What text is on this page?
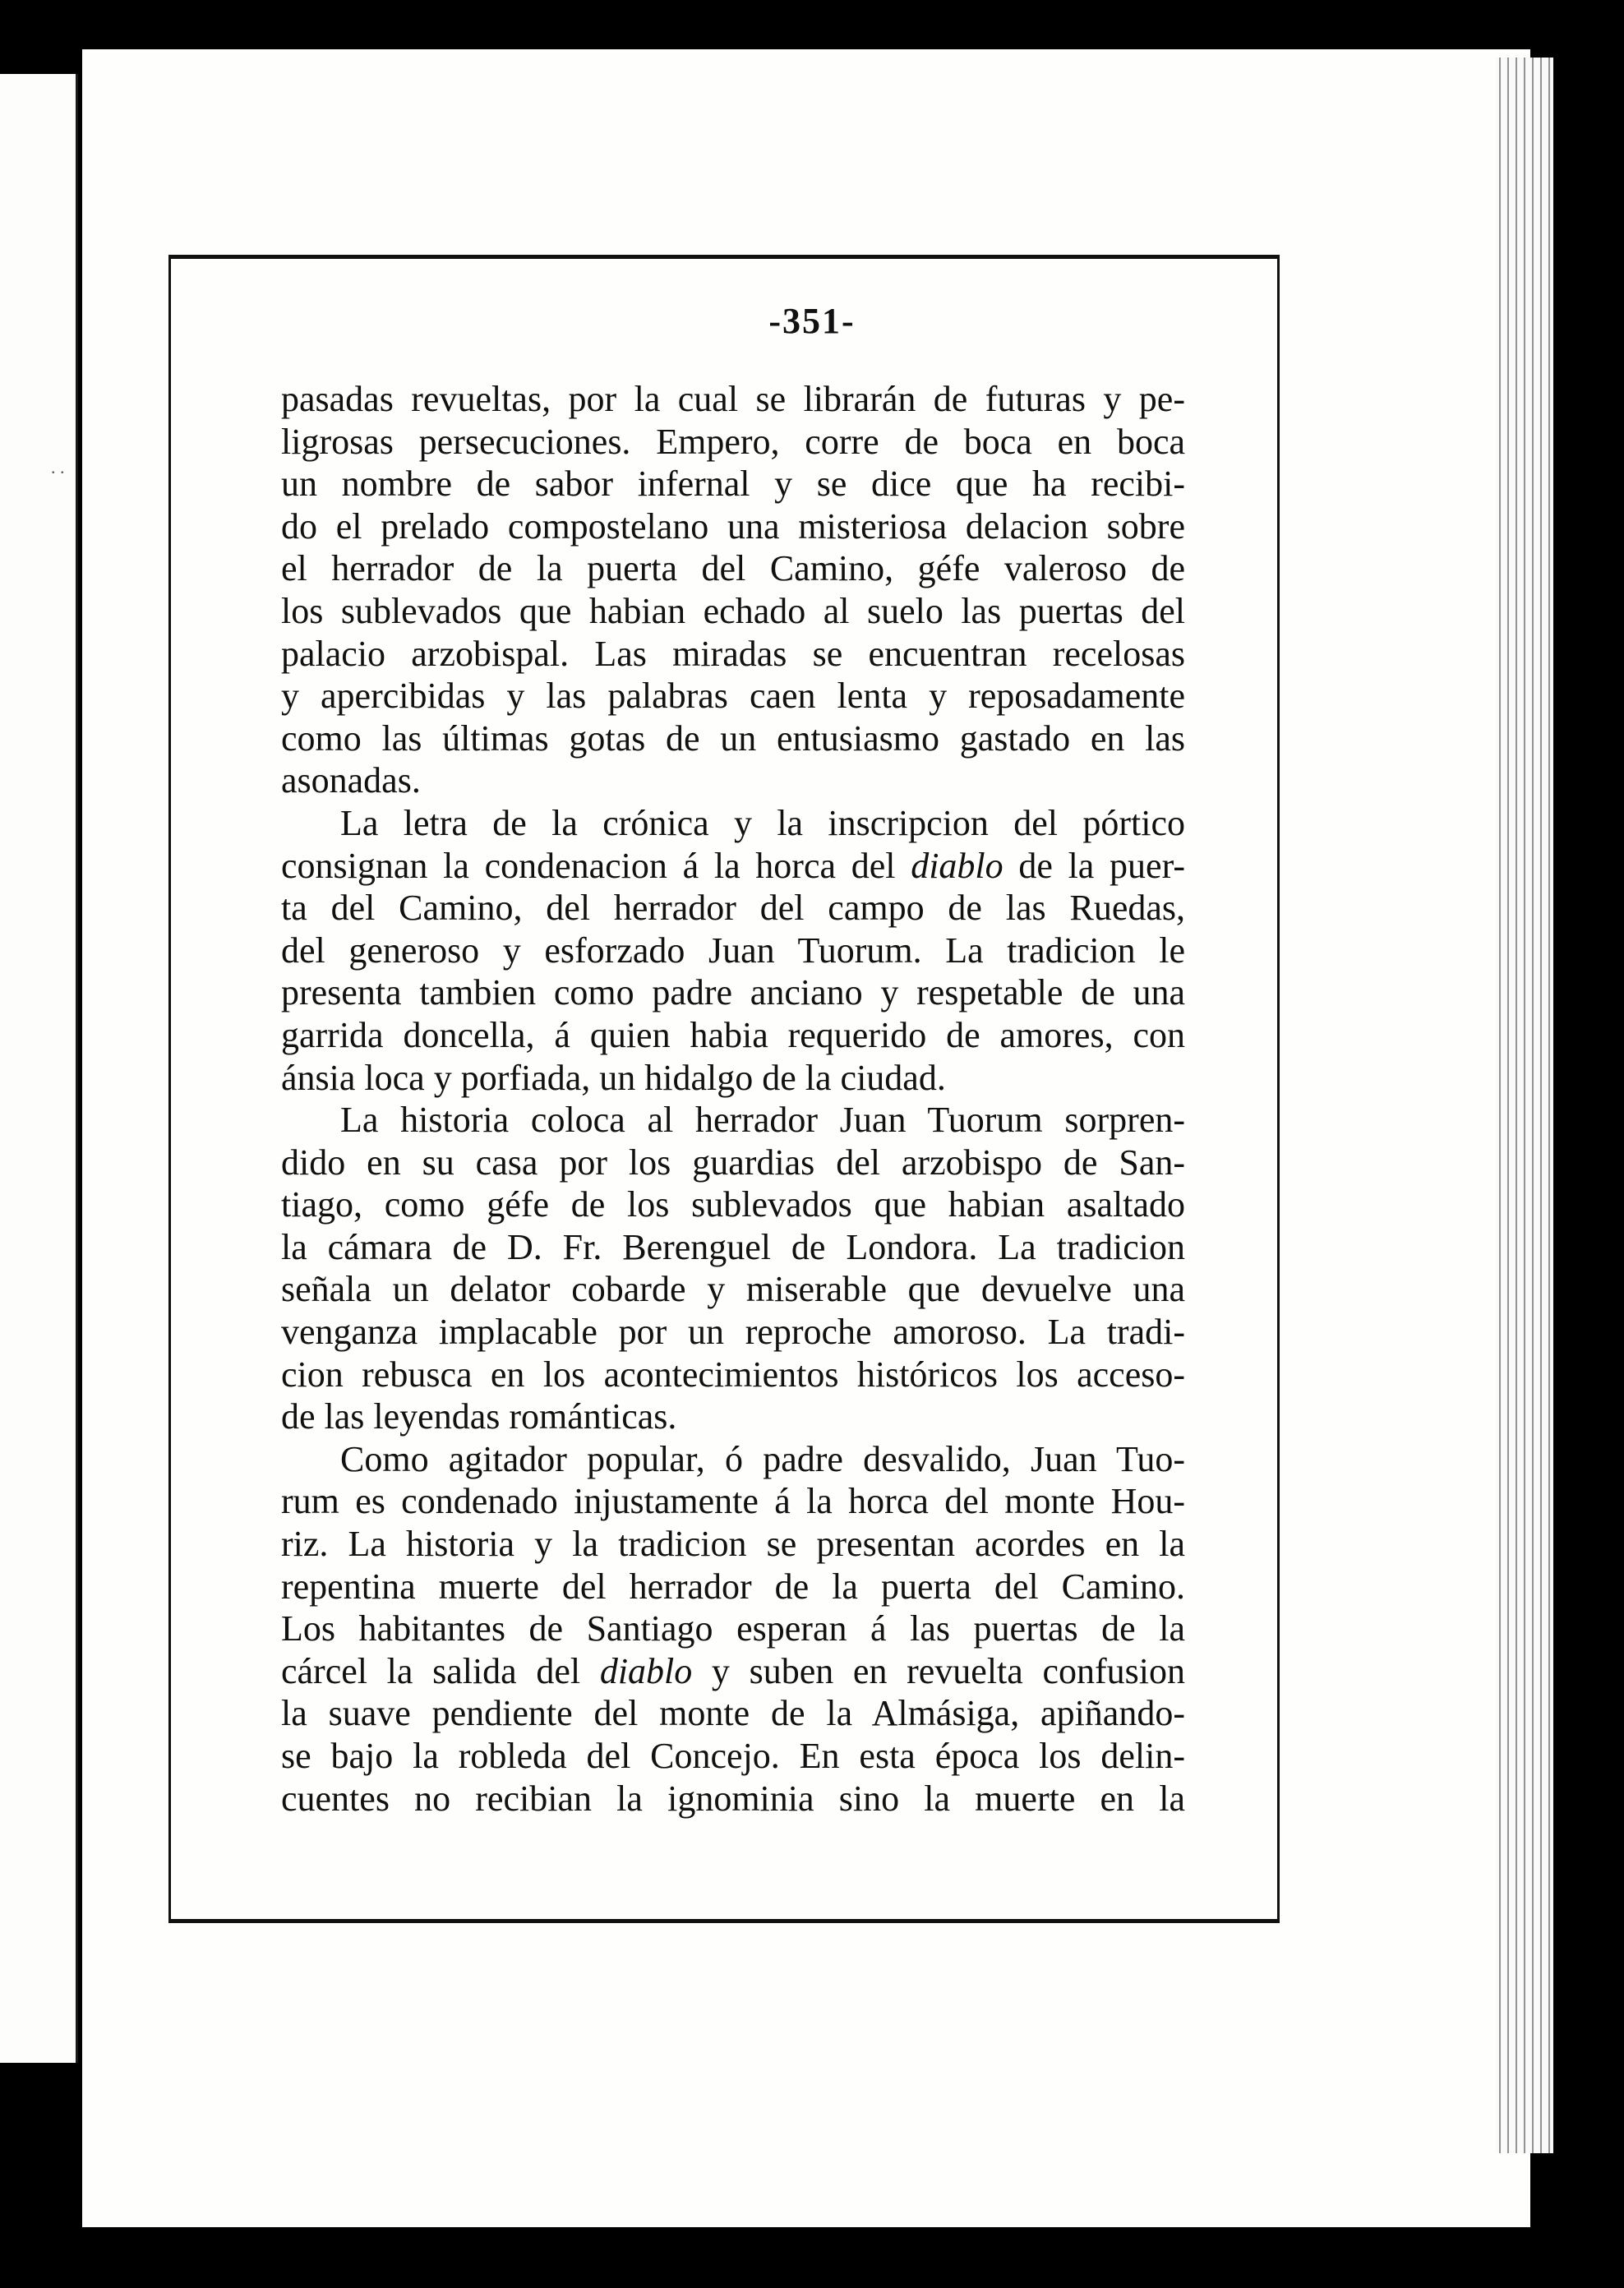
. .
-351-
pasadas revueltas, por la cual se librarán de futuras y pe-
ligrosas persecuciones. Empero, corre de boca en boca
un nombre de sabor infernal y se dice que ha recibi-
do el prelado compostelano una misteriosa delacion sobre
el herrador de la puerta del Camino, géfe valeroso de
los sublevados que habian echado al suelo las puertas del
palacio arzobispal. Las miradas se encuentran recelosas
y apercibidas y las palabras caen lenta y reposadamente
como las últimas gotas de un entusiasmo gastado en las
asonadas.
La letra de la crónica y la inscripcion del pórtico
consignan la condenacion á la horca del diablo de la puer-
ta del Camino, del herrador del campo de las Ruedas,
del generoso y esforzado Juan Tuorum. La tradicion le
presenta tambien como padre anciano y respetable de una
garrida doncella, á quien habia requerido de amores, con
ánsia loca y porfiada, un hidalgo de la ciudad.
La historia coloca al herrador Juan Tuorum sorpren-
dido en su casa por los guardias del arzobispo de San-
tiago, como géfe de los sublevados que habian asaltado
la cámara de D. Fr. Berenguel de Londora. La tradicion
señala un delator cobarde y miserable que devuelve una
venganza implacable por un reproche amoroso. La tradi-
cion rebusca en los acontecimientos históricos los acceso-
de las leyendas románticas.
Como agitador popular, ó padre desvalido, Juan Tuo-
rum es condenado injustamente á la horca del monte Hou-
riz. La historia y la tradicion se presentan acordes en la
repentina muerte del herrador de la puerta del Camino.
Los habitantes de Santiago esperan á las puertas de la
cárcel la salida del diablo y suben en revuelta confusion
la suave pendiente del monte de la Almásiga, apiñando-
se bajo la robleda del Concejo. En esta época los delin-
cuentes no recibian la ignominia sino la muerte en la
